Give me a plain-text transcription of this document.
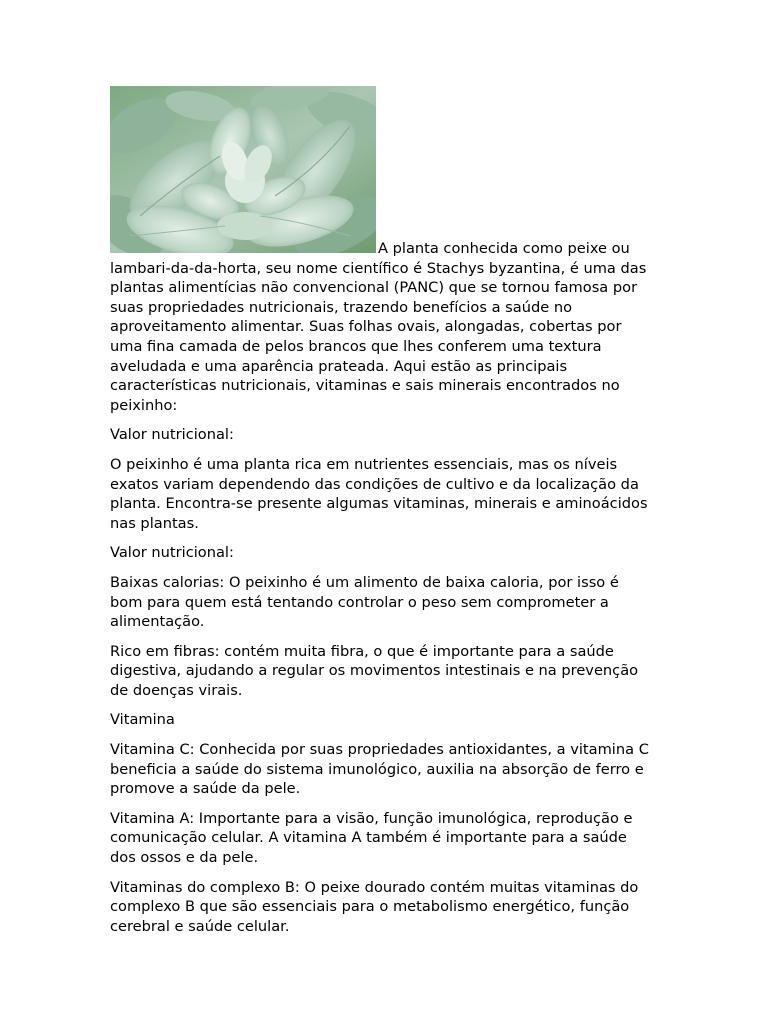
A planta conhecida como peixe ou lambari-da-da-horta, seu nome científico é Stachys byzantina, é uma das plantas alimentícias não convencional (PANC) que se tornou famosa por suas propriedades nutricionais, trazendo benefícios a saúde no aproveitamento alimentar. Suas folhas ovais, alongadas, cobertas por uma fina camada de pelos brancos que lhes conferem uma textura aveludada e uma aparência prateada. Aqui estão as principais características nutricionais, vitaminas e sais minerais encontrados no peixinho:

Valor nutricional:

O peixinho é uma planta rica em nutrientes essenciais, mas os níveis exatos variam dependendo das condições de cultivo e da localização da planta. Encontra-se presente algumas vitaminas, minerais e aminoácidos nas plantas.

Valor nutricional:

Baixas calorias: O peixinho é um alimento de baixa caloria, por isso é bom para quem está tentando controlar o peso sem comprometer a alimentação.

Rico em fibras: contém muita fibra, o que é importante para a saúde digestiva, ajudando a regular os movimentos intestinais e na prevenção de doenças virais.

Vitamina

Vitamina C: Conhecida por suas propriedades antioxidantes, a vitamina C beneficia a saúde do sistema imunológico, auxilia na absorção de ferro e promove a saúde da pele.

Vitamina A: Importante para a visão, função imunológica, reprodução e comunicação celular. A vitamina A também é importante para a saúde dos ossos e da pele.

Vitaminas do complexo B: O peixe dourado contém muitas vitaminas do complexo B que são essenciais para o metabolismo energético, função cerebral e saúde celular.
